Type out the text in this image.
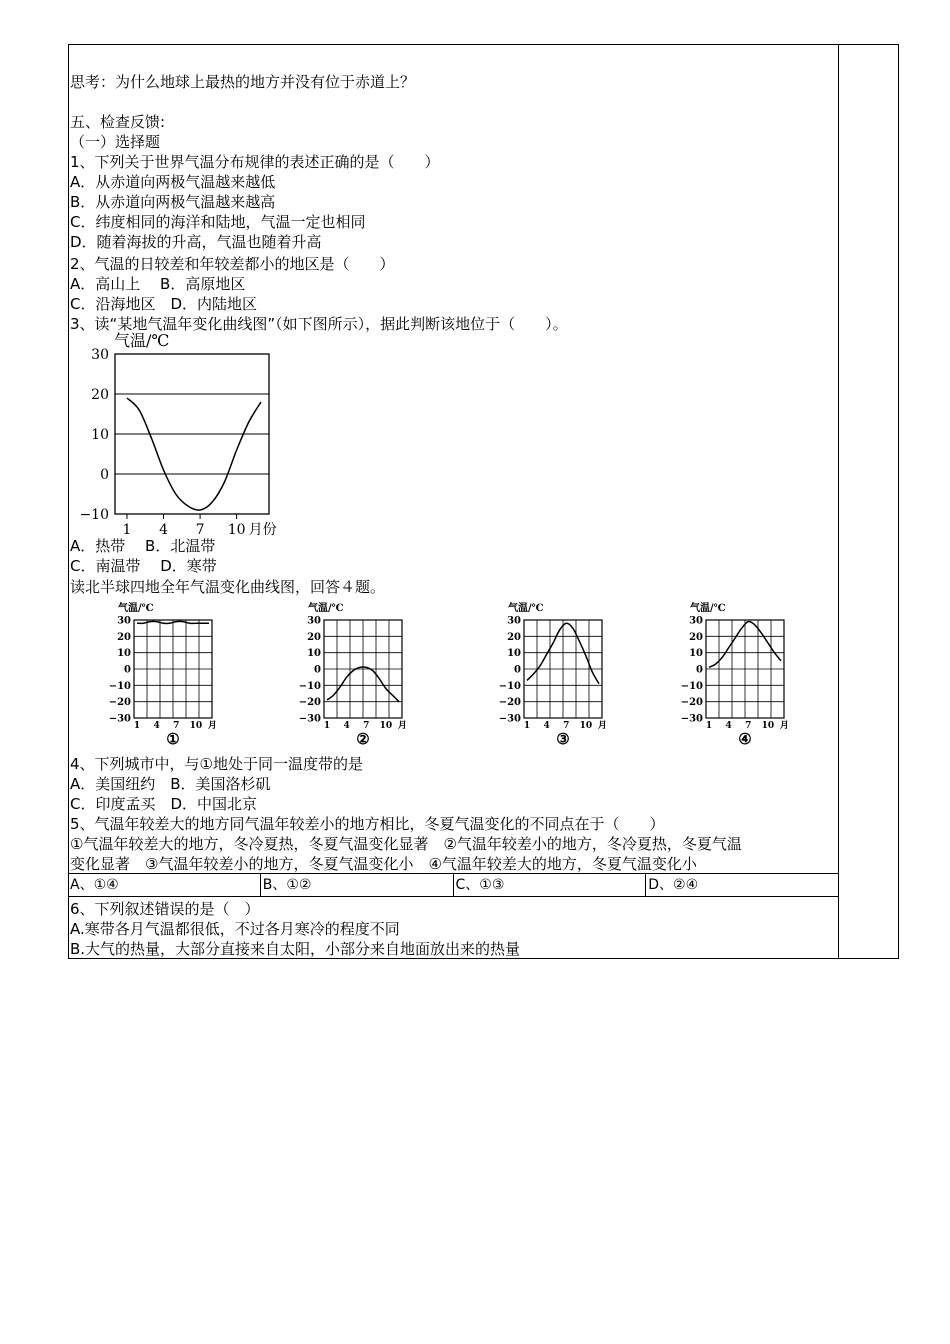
思考：为什么地球上最热的地方并没有位于赤道上？
五、检查反馈:
（一）选择题
1、下列关于世界气温分布规律的表述正确的是（　　）
A．从赤道向两极气温越来越低
B．从赤道向两极气温越来越高
C．纬度相同的海洋和陆地，气温一定也相同
D．随着海拔的升高，气温也随着升高
2、气温的日较差和年较差都小的地区是（　　）
A．高山上　 B．高原地区
C．沿海地区　D．内陆地区
3、读“某地气温年变化曲线图”（如下图所示），据此判断该地位于（　　）。
气温/℃
30
20
10
0
−10
1 4 7 10 月份
A．热带　 B．北温带
C．南温带　 D．寒带
读北半球四地全年气温变化曲线图，回答４题。
气温/℃
30
20
10
0
−10
−20
−30
1 4 7 10 月
①
气温/℃
30
20
10
0
−10
−20
−30
1 4 7 10 月
②
气温/℃
30
20
10
0
−10
−20
−30
1 4 7 10 月
③
气温/℃
30
20
10
0
−10
−20
−30
1 4 7 10 月
④
4、下列城市中，与①地处于同一温度带的是
A．美国纽约　B．美国洛杉矶
C．印度孟买　D．中国北京
5、气温年较差大的地方同气温年较差小的地方相比，冬夏气温变化的不同点在于（　　）
①气温年较差大的地方，冬冷夏热，冬夏气温变化显著　②气温年较差小的地方，冬冷夏热，冬夏气温
变化显著　③气温年较差小的地方，冬夏气温变化小　④气温年较差大的地方，冬夏气温变化小
A、①④	B、①②	C、①③	D、②④
6、下列叙述错误的是（　）
A.寒带各月气温都很低，不过各月寒冷的程度不同
B.大气的热量，大部分直接来自太阳，小部分来自地面放出来的热量
